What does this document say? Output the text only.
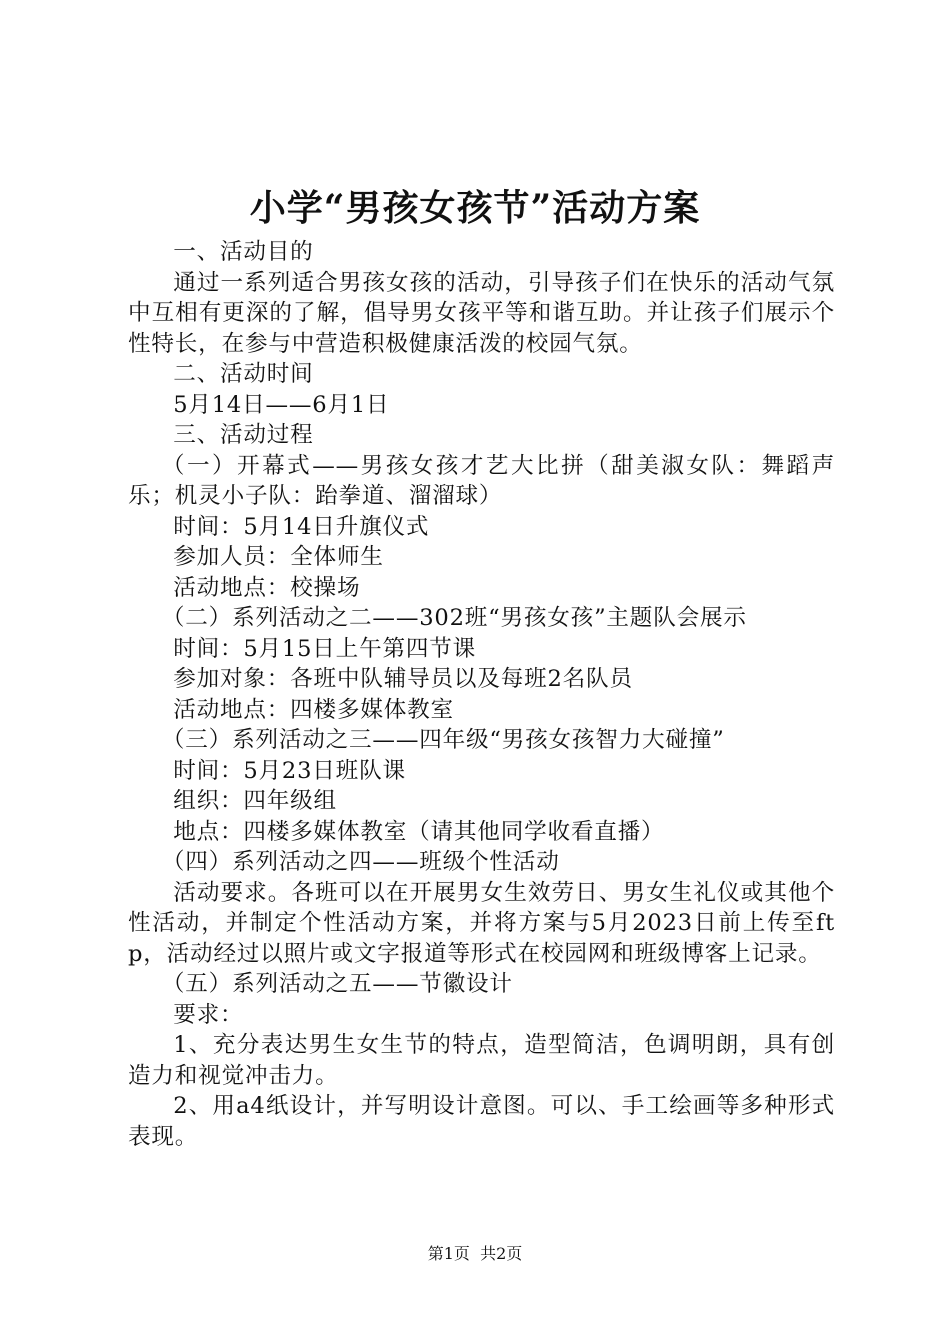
小学“男孩女孩节”活动方案

一、活动目的

通过一系列适合男孩女孩的活动，引导孩子们在快乐的活动气氛中互相有更深的了解，倡导男女孩平等和谐互助。并让孩子们展示个性特长，在参与中营造积极健康活泼的校园气氛。

二、活动时间

5月14日——6月1日

三、活动过程

（一）开幕式——男孩女孩才艺大比拼（甜美淑女队：舞蹈声乐；机灵小子队：跆拳道、溜溜球）

时间：5月14日升旗仪式

参加人员：全体师生

活动地点：校操场

（二）系列活动之二——302班“男孩女孩”主题队会展示

时间：5月15日上午第四节课

参加对象：各班中队辅导员以及每班2名队员

活动地点：四楼多媒体教室

（三）系列活动之三——四年级“男孩女孩智力大碰撞”

时间：5月23日班队课

组织：四年级组

地点：四楼多媒体教室（请其他同学收看直播）

（四）系列活动之四——班级个性活动

活动要求。各班可以在开展男女生效劳日、男女生礼仪或其他个性活动，并制定个性活动方案，并将方案与5月2023日前上传至ftp，活动经过以照片或文字报道等形式在校园网和班级博客上记录。

（五）系列活动之五——节徽设计

要求：

1、充分表达男生女生节的特点，造型简洁，色调明朗，具有创造力和视觉冲击力。

2、用a4纸设计，并写明设计意图。可以、手工绘画等多种形式表现。

第1页 共2页
